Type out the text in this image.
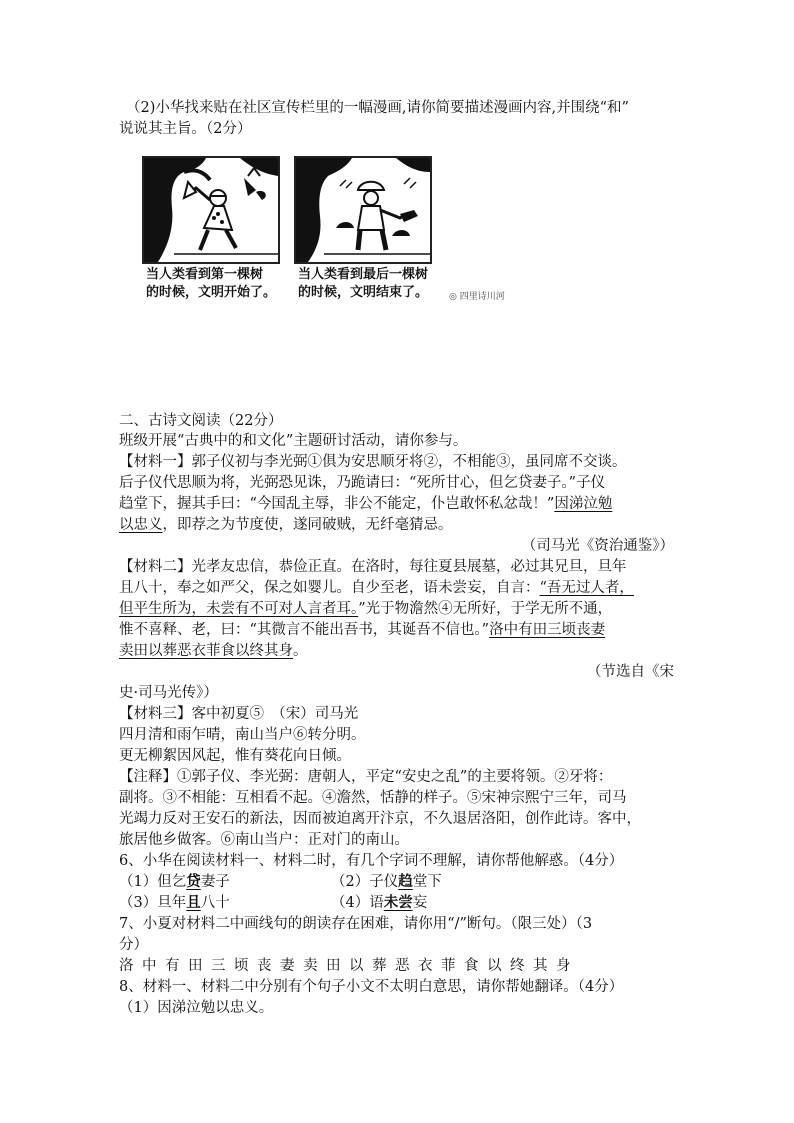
（2)小华找来贴在社区宣传栏里的一幅漫画,请你简要描述漫画内容,并围绕“和”
说说其主旨。（2分）
当人类看到第一棵树
的时候，文明开始了。
当人类看到最后一棵树
的时候，文明结束了。 ◎ 四里诗川河
二、古诗文阅读（22分）
班级开展“古典中的和文化”主题研讨活动，请你参与。
【材料一】郭子仪初与李光弼①俱为安思顺牙将②，不相能③，虽同席不交谈。
后子仪代思顺为将，光弼恐见诛，乃跪请曰：“死所甘心，但乞贷妻子。”子仪
趋堂下，握其手曰：“今国乱主辱，非公不能定，仆岂敢怀私忿哉！”因涕泣勉
以忠义，即荐之为节度使，遂同破贼，无纤毫猜忌。
（司马光《资治通鉴》）
【材料二】光孝友忠信，恭俭正直。在洛时，每往夏县展墓，必过其兄旦，旦年
且八十，奉之如严父，保之如婴儿。自少至老，语未尝妄，自言：“吾无过人者，
但平生所为，未尝有不可对人言者耳。”光于物澹然④无所好，于学无所不通，
惟不喜释、老，曰：“其微言不能出吾书，其诞吾不信也。”洛中有田三顷丧妻
卖田以葬恶衣菲食以终其身。
（节选自《宋
史·司马光传》）
【材料三】客中初夏⑤　（宋）司马光
四月清和雨乍晴，南山当户⑥转分明。
更无柳絮因风起，惟有葵花向日倾。
【注释】①郭子仪、李光弼：唐朝人，平定“安史之乱”的主要将领。②牙将：
副将。③不相能：互相看不起。④澹然，恬静的样子。⑤宋神宗熙宁三年，司马
光竭力反对王安石的新法，因而被迫离开汴京，不久退居洛阳，创作此诗。客中，
旅居他乡做客。⑥南山当户：正对门的南山。
6、小华在阅读材料一、材料二时，有几个字词不理解，请你帮他解惑。（4分）
（1）但乞贷妻子	（2）子仪趋堂下
（3）旦年且八十	（4）语未尝妄
7、小夏对材料二中画线句的朗读存在困难，请你用“/”断句。（限三处）（3
分）
洛中有田三顷丧妻卖田以葬恶衣菲食以终其身
8、材料一、材料二中分别有个句子小文不太明白意思，请你帮她翻译。（4分）
（1）因涕泣勉以忠义。
